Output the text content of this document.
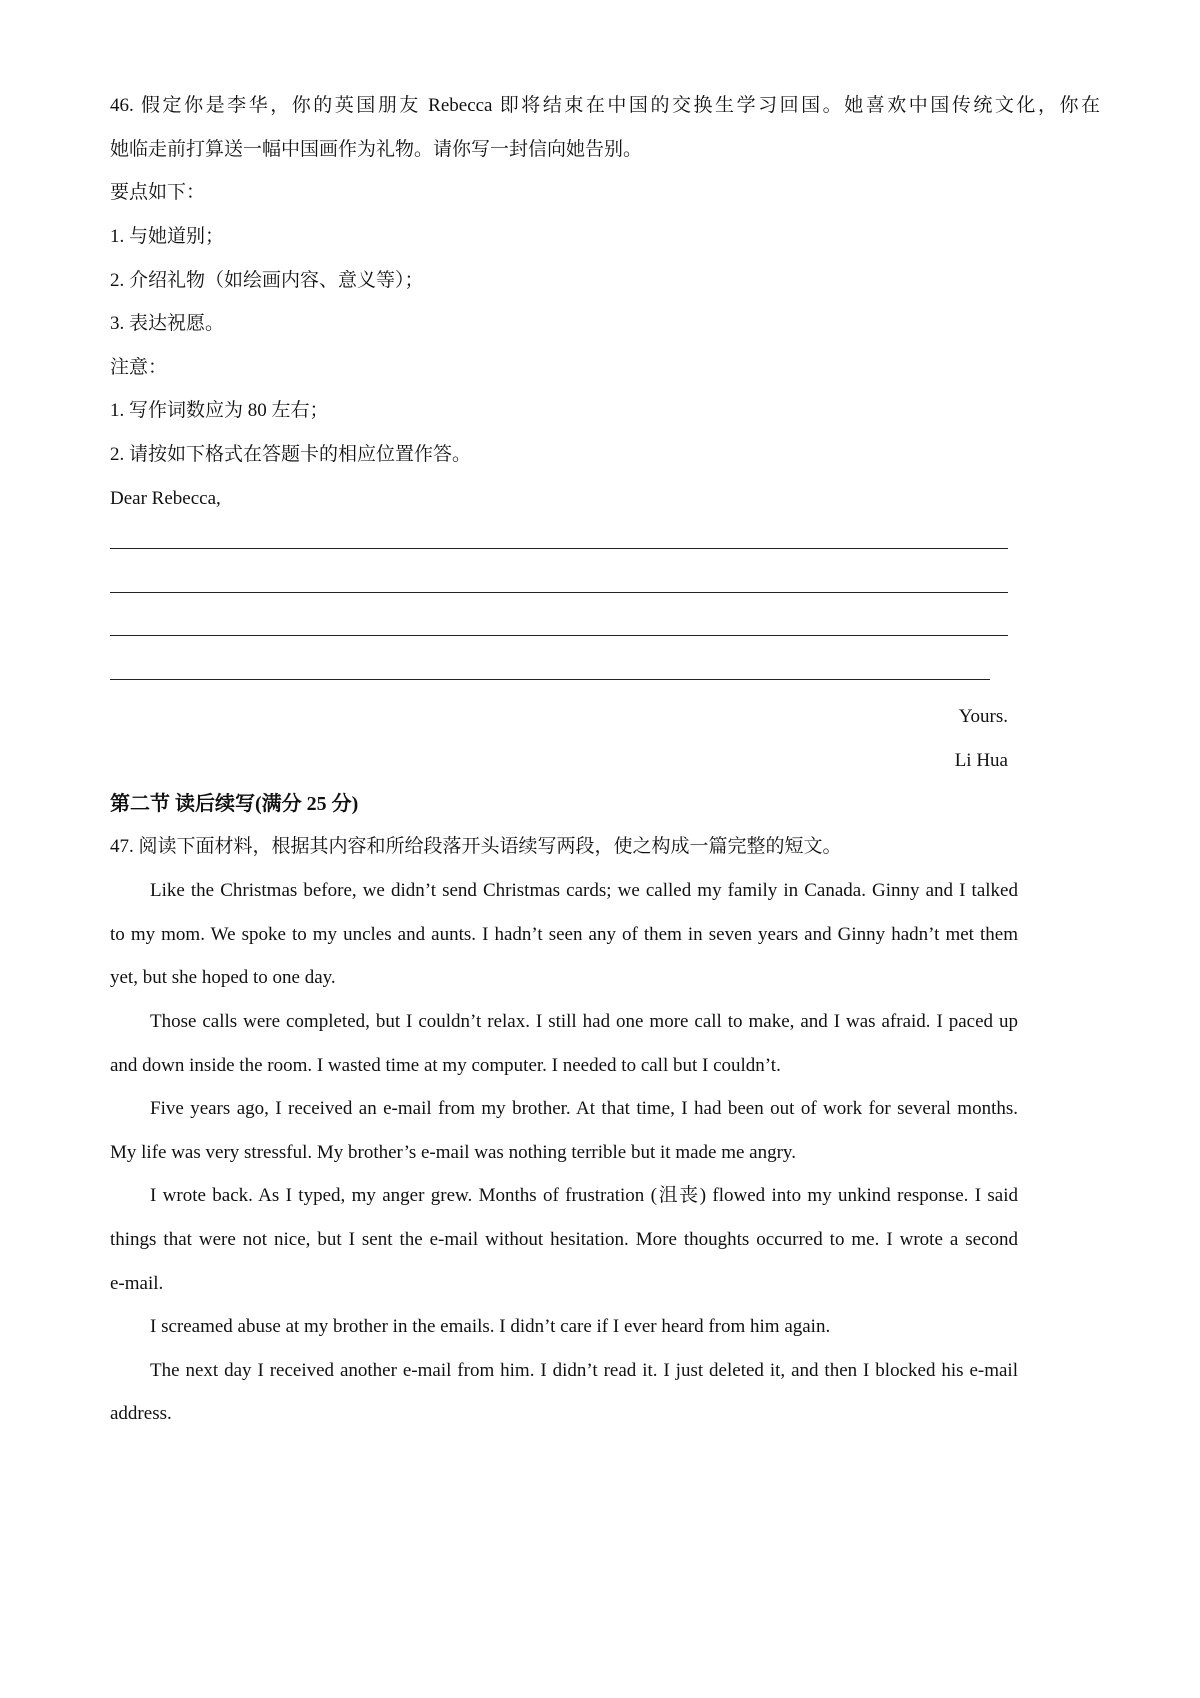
46. 假定你是李华，你的英国朋友 Rebecca 即将结束在中国的交换生学习回国。她喜欢中国传统文化，你在
她临走前打算送一幅中国画作为礼物。请你写一封信向她告别。
要点如下：
1. 与她道别；
2. 介绍礼物（如绘画内容、意义等）；
3. 表达祝愿。
注意：
1. 写作词数应为 80 左右；
2. 请按如下格式在答题卡的相应位置作答。
Dear Rebecca,
Yours.
Li Hua
第二节 读后续写(满分 25 分)
47. 阅读下面材料，根据其内容和所给段落开头语续写两段，使之构成一篇完整的短文。
Like the Christmas before, we didn’t send Christmas cards; we called my family in Canada. Ginny and I talked
to my mom. We spoke to my uncles and aunts. I hadn’t seen any of them in seven years and Ginny hadn’t met them
yet, but she hoped to one day.
Those calls were completed, but I couldn’t relax. I still had one more call to make, and I was afraid. I paced up
and down inside the room. I wasted time at my computer. I needed to call but I couldn’t.
Five years ago, I received an e-mail from my brother. At that time, I had been out of work for several months.
My life was very stressful. My brother’s e-mail was nothing terrible but it made me angry.
I wrote back. As I typed, my anger grew. Months of frustration (沮丧) flowed into my unkind response. I said
things that were not nice, but I sent the e-mail without hesitation. More thoughts occurred to me. I wrote a second
e-mail.
I screamed abuse at my brother in the emails. I didn’t care if I ever heard from him again.
The next day I received another e-mail from him. I didn’t read it. I just deleted it, and then I blocked his e-mail
address.
